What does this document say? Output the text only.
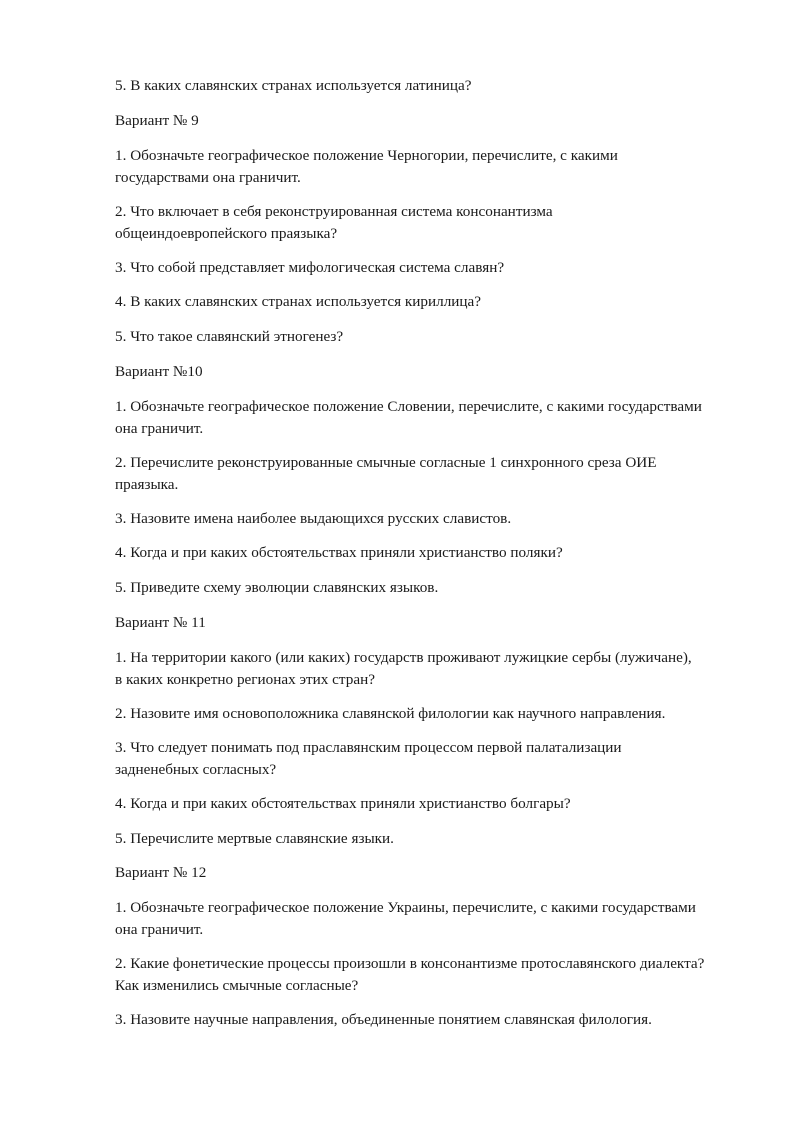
5. В каких славянских странах используется латиница?

Вариант № 9

1. Обозначьте географическое положение Черногории, перечислите, с какими
государствами она граничит.

2. Что включает в себя реконструированная система консонантизма
общеиндоевропейского праязыка?

3. Что собой представляет мифологическая система славян?

4. В каких славянских странах используется кириллица?

5. Что такое славянский этногенез?

Вариант №10

1. Обозначьте географическое положение Словении, перечислите, с какими государствами
она граничит.

2. Перечислите реконструированные смычные согласные 1 синхронного среза ОИЕ
праязыка.

3. Назовите имена наиболее выдающихся русских славистов.

4. Когда и при каких обстоятельствах приняли христианство поляки?

5. Приведите схему эволюции славянских языков.

Вариант № 11

1. На территории какого (или каких) государств проживают лужицкие сербы (лужичане),
в каких конкретно регионах этих стран?

2. Назовите имя основоположника славянской филологии как научного направления.

3. Что следует понимать под праславянским процессом первой палатализации
задненебных согласных?

4. Когда и при каких обстоятельствах приняли христианство болгары?

5. Перечислите мертвые славянские языки.

Вариант № 12

1. Обозначьте географическое положение Украины, перечислите, с какими государствами
она граничит.

2. Какие фонетические процессы произошли в консонантизме протославянского диалекта?
Как изменились смычные согласные?

3. Назовите научные направления, объединенные понятием славянская филология.
